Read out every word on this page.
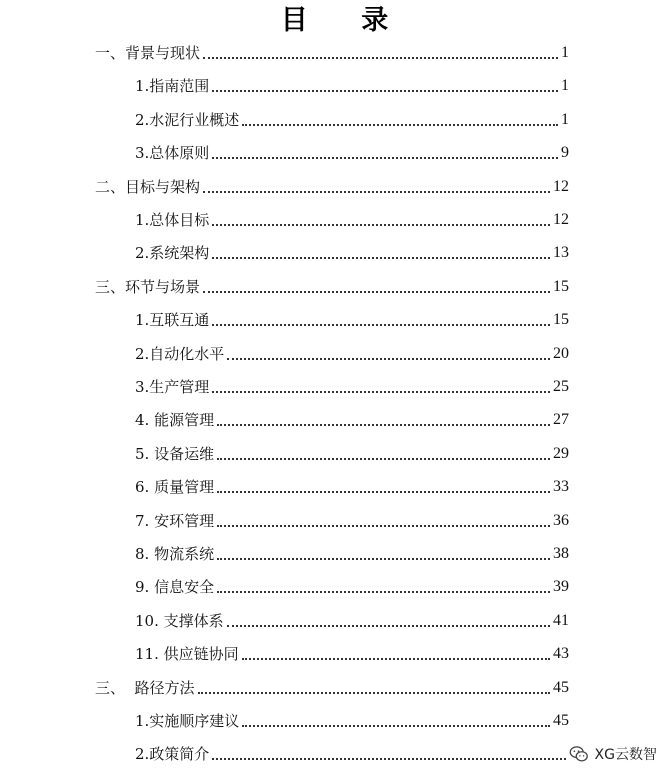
目 录
一、背景与现状	1
1.指南范围	1
2.水泥行业概述	1
3.总体原则	9
二、目标与架构	12
1.总体目标	12
2.系统架构	13
三、环节与场景	15
1.互联互通	15
2.自动化水平	20
3.生产管理	25
4. 能源管理	27
5. 设备运维	29
6. 质量管理	33
7. 安环管理	36
8. 物流系统	38
9. 信息安全	39
10. 支撑体系	41
11. 供应链协同	43
三、  路径方法	45
1.实施顺序建议	45
2.政策简介	XG云数智
